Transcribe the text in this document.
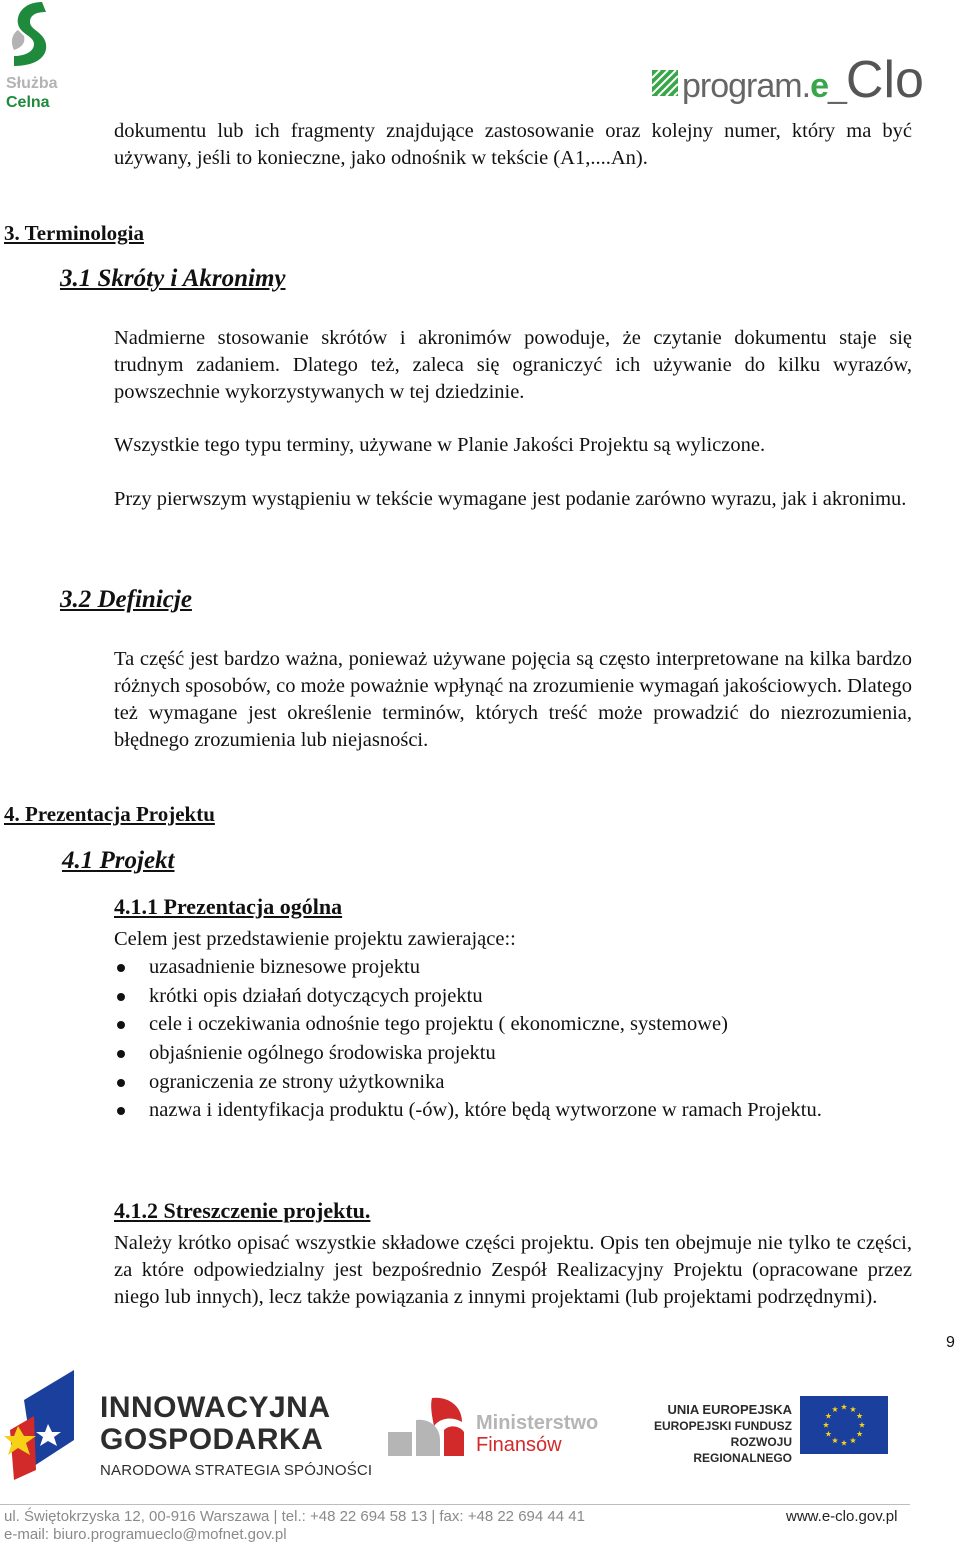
Służba
Celna	program.e_Clo

dokumentu lub ich fragmenty znajdujące zastosowanie oraz kolejny numer, który ma być używany, jeśli to konieczne, jako odnośnik w tekście (A1,....An).

3. Terminologia
3.1 Skróty i Akronimy

Nadmierne stosowanie skrótów i akronimów powoduje, że czytanie dokumentu staje się trudnym zadaniem. Dlatego też, zaleca się ograniczyć ich używanie do kilku wyrazów, powszechnie wykorzystywanych w tej dziedzinie.

Wszystkie tego typu terminy, używane w Planie Jakości Projektu są wyliczone.

Przy pierwszym wystąpieniu w tekście wymagane jest podanie zarówno wyrazu, jak i akronimu.

3.2 Definicje

Ta część jest bardzo ważna, ponieważ używane pojęcia są często interpretowane na kilka bardzo różnych sposobów, co może poważnie wpłynąć na zrozumienie wymagań jakościowych. Dlatego też wymagane jest określenie terminów, których treść może prowadzić do niezrozumienia, błędnego zrozumienia lub niejasności.

4. Prezentacja Projektu
4.1 Projekt
4.1.1 Prezentacja ogólna

Celem jest przedstawienie projektu zawierające::

uzasadnienie biznesowe projektu
krótki opis działań dotyczących projektu
cele i oczekiwania odnośnie tego projektu ( ekonomiczne, systemowe)
objaśnienie ogólnego środowiska projektu
ograniczenia ze strony użytkownika
nazwa i identyfikacja produktu (-ów), które będą wytworzone w ramach Projektu.
4.1.2 Streszczenie projektu.

Należy krótko opisać wszystkie składowe części projektu. Opis ten obejmuje nie tylko te części, za które odpowiedzialny jest bezpośrednio Zespół Realizacyjny Projektu (opracowane przez niego lub innych), lecz także powiązania z innymi projektami (lub projektami podrzędnymi).

9
INNOWACYJNA
GOSPODARKA
NARODOWA STRATEGIA SPÓJNOŚCI
Ministerstwo
Finansów
UNIA EUROPEJSKA
EUROPEJSKI FUNDUSZ
ROZWOJU REGIONALNEGO
ul. Świętokrzyska 12, 00-916 Warszawa | tel.: +48 22 694 58 13 | fax: +48 22 694 44 41
e-mail: biuro.programueclo@mofnet.gov.pl
www.e-clo.gov.pl
